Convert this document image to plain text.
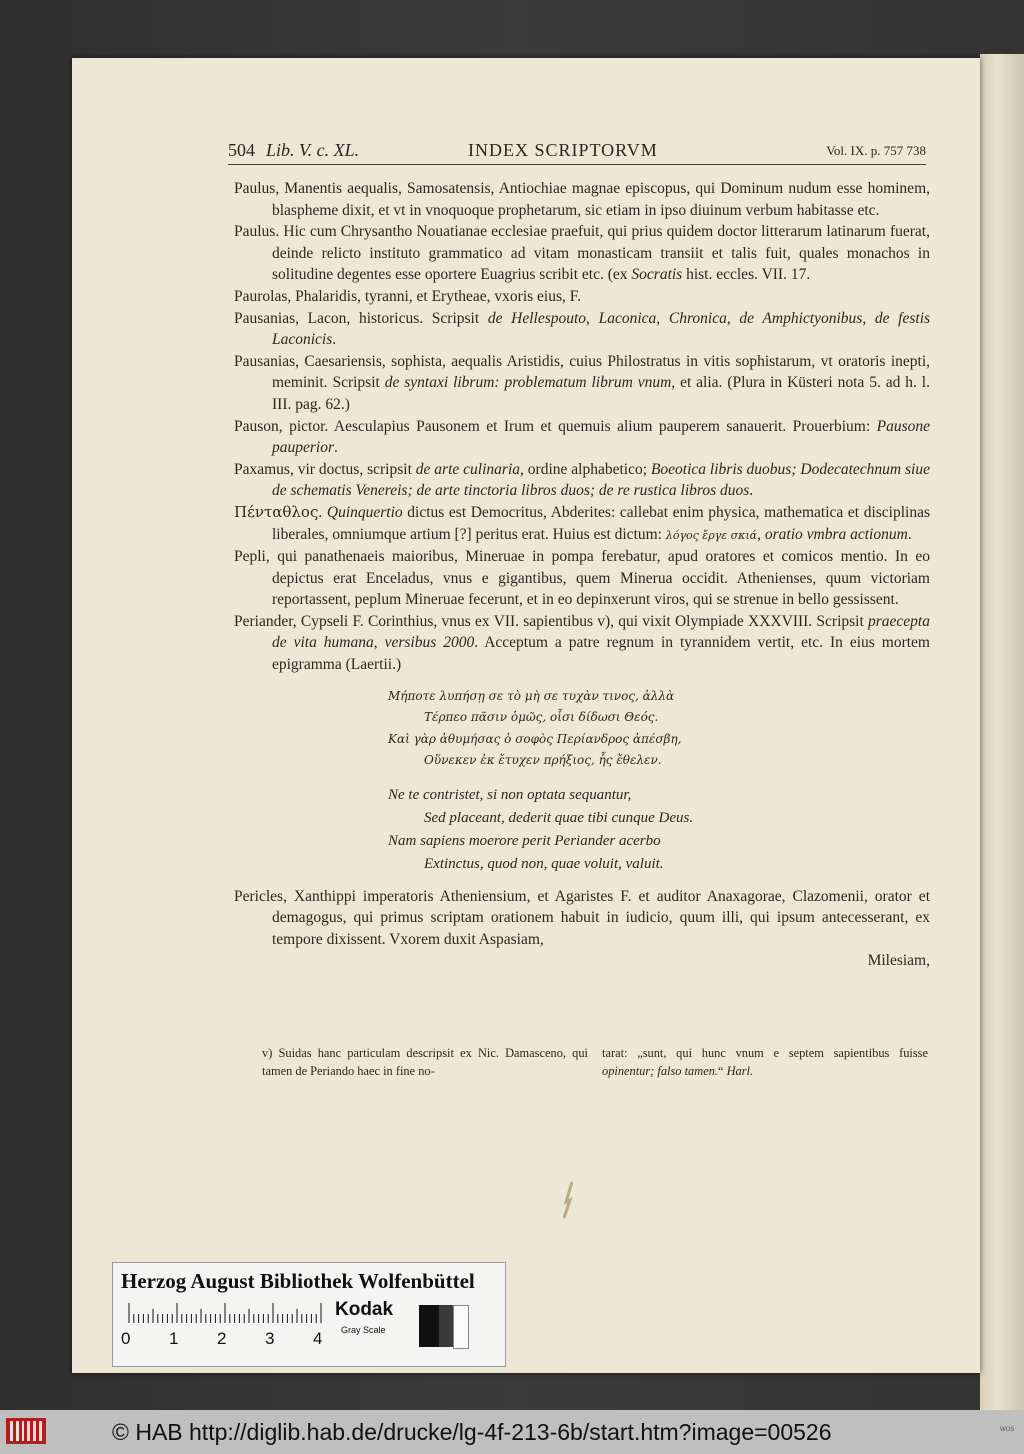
504 Lib. V. c. XL.	INDEX SCRIPTORVM	Vol. IX. p. 757 738

Paulus, Manentis aequalis, Samosatensis, Antiochiae magnae episcopus, qui Dominum nudum esse hominem, blaspheme dixit, et vt in vnoquoque prophetarum, sic etiam in ipso diuinum verbum habitasse etc.

Paulus. Hic cum Chrysantho Nouatianae ecclesiae praefuit, qui prius quidem doctor litterarum latinarum fuerat, deinde relicto instituto grammatico ad vitam monasticam transiit et talis fuit, quales monachos in solitudine degentes esse oportere Euagrius scribit etc. (ex Socratis hist. eccles. VII. 17.

Paurolas, Phalaridis, tyranni, et Erytheae, vxoris eius, F.

Pausanias, Lacon, historicus. Scripsit de Hellespouto, Laconica, Chronica, de Amphictyonibus, de festis Laconicis.

Pausanias, Caesariensis, sophista, aequalis Aristidis, cuius Philostratus in vitis sophistarum, vt oratoris inepti, meminit. Scripsit de syntaxi librum: problematum librum vnum, et alia. (Plura in Küsteri nota 5. ad h. l. III. pag. 62.)

Pauson, pictor. Aesculapius Pausonem et Irum et quemuis alium pauperem sanauerit. Prouerbium: Pausone pauperior.

Paxamus, vir doctus, scripsit de arte culinaria, ordine alphabetico; Boeotica libris duobus; Dodecatechnum siue de schematis Venereis; de arte tinctoria libros duos; de re rustica libros duos.

Πένταθλος. Quinquertio dictus est Democritus, Abderites: callebat enim physica, mathematica et disciplinas liberales, omniumque artium [?] peritus erat. Huius est dictum: λόγος ἔργε σκιά, oratio vmbra actionum.

Pepli, qui panathenaeis maioribus, Mineruae in pompa ferebatur, apud oratores et comicos mentio. In eo depictus erat Enceladus, vnus e gigantibus, quem Minerua occidit. Athenienses, quum victoriam reportassent, peplum Mineruae fecerunt, et in eo depinxerunt viros, qui se strenue in bello gessissent.

Periander, Cypseli F. Corinthius, vnus ex VII. sapientibus v), qui vixit Olympiade XXXVIII. Scripsit praecepta de vita humana, versibus 2000. Acceptum a patre regnum in tyrannidem vertit, etc. In eius mortem epigramma (Laertii.)

Μήποτε λυπήσῃ σε τὸ μὴ σε τυχὰν τινος, ἀλλὰ
Τέρπεο πᾶσιν ὁμῶς, οἷσι δίδωσι Θεός.
Καὶ γὰρ ἀθυμήσας ὁ σοφὸς Περίανδρος ἀπέσβη,
Οὕνεκεν ἐκ ἔτυχεν πρήξιος, ἧς ἔθελεν.
Ne te contristet, si non optata sequantur,
Sed placeant, dederit quae tibi cunque Deus.
Nam sapiens moerore perit Periander acerbo
Extinctus, quod non, quae voluit, valuit.

Pericles, Xanthippi imperatoris Atheniensium, et Agaristes F. et auditor Anaxagorae, Clazomenii, orator et demagogus, qui primus scriptam orationem habuit in iudicio, quum illi, qui ipsum antecesserant, ex tempore dixissent. Vxorem duxit Aspasiam,

Milesiam,
v) Suidas hanc particulam descripsit ex Nic. Damasceno, qui tamen de Periando haec in fine no-
tarat: „sunt, qui hunc vnum e septem sapientibus fuisse opinentur; falso tamen.“ Harl.
Herzog August Bibliothek Wolfenbüttel
0 1 2 3 4
Kodak
Gray Scale
© HAB http://diglib.hab.de/drucke/lg-4f-213-6b/start.htm?image=00526	wos
